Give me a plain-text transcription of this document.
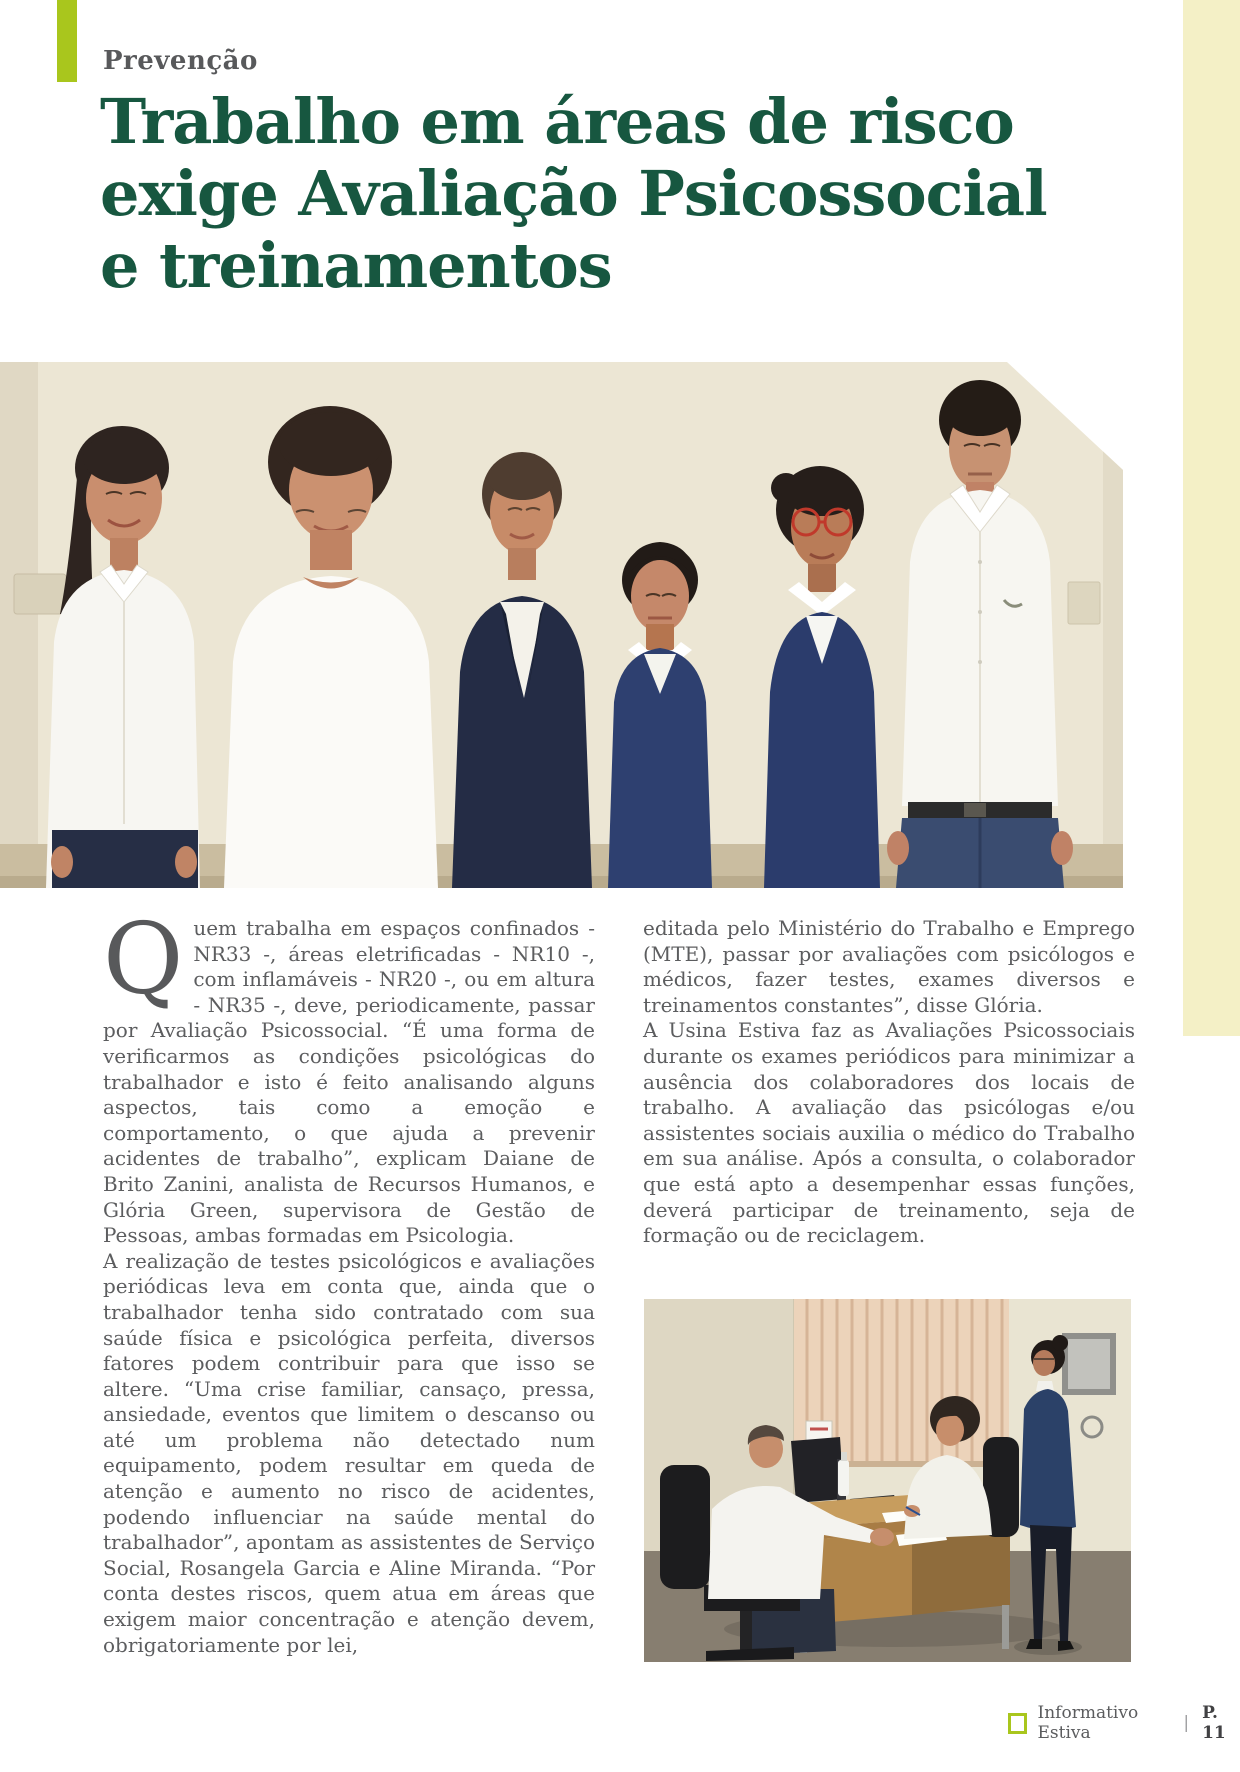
Prevenção
Trabalho em áreas de risco
exige Avaliação Psicossocial
e treinamentos

Quem trabalha em espaços confinados - NR33 -, áreas eletrificadas - NR10 -, com inflamáveis - NR20 -, ou em altura - NR35 -, deve, periodicamente, passar por Avaliação Psicossocial. “É uma forma de verificarmos as condições psicológicas do trabalhador e isto é feito analisando alguns aspectos, tais como a emoção e comportamento, o que ajuda a prevenir acidentes de trabalho”, explicam Daiane de Brito Zanini, analista de Recursos Humanos, e Glória Green, supervisora de Gestão de Pessoas, ambas formadas em Psicologia.

A realização de testes psicológicos e avaliações periódicas leva em conta que, ainda que o trabalhador tenha sido contratado com sua saúde física e psicológica perfeita, diversos fatores podem contribuir para que isso se altere. “Uma crise familiar, cansaço, pressa, ansiedade, eventos que limitem o descanso ou até um problema não detectado num equipamento, podem resultar em queda de atenção e aumento no risco de acidentes, podendo influenciar na saúde mental do trabalhador”, apontam as assistentes de Serviço Social, Rosangela Garcia e Aline Miranda. “Por conta destes riscos, quem atua em áreas que exigem maior concentração e atenção devem, obrigatoriamente por lei,

editada pelo Ministério do Trabalho e Emprego (MTE), passar por avaliações com psicólogos e médicos, fazer testes, exames diversos e treinamentos constantes”, disse Glória.

A Usina Estiva faz as Avaliações Psicossociais durante os exames periódicos para minimizar a ausência dos colaboradores dos locais de trabalho. A avaliação das psicólogas e/ou assistentes sociais auxilia o médico do Trabalho em sua análise. Após a consulta, o colaborador que está apto a desempenhar essas funções, deverá participar de treinamento, seja de formação ou de reciclagem.

Informativo Estiva	| P. 11
